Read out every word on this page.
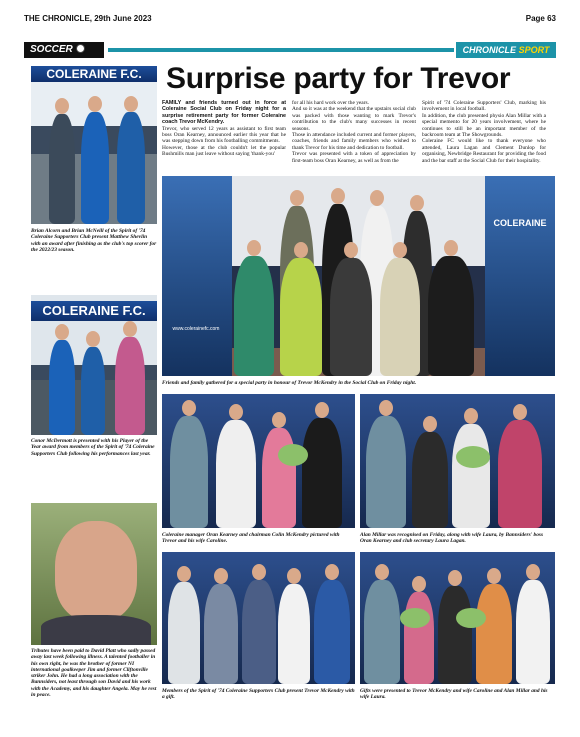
THE CHRONICLE, 29th June 2023	Page 63
SOCCER	CHRONICLE SPORT
COLERAINE F.C.
Brian Alcorn and Brian McNeill of the Spirit of '74 Coleraine Supporters Club present Matthew Shevlin with an award after finishing as the club's top scorer for the 2022/23 season.
COLERAINE F.C.
Conor McDermott is presented with his Player of the Year award from members of the Spirit of '74 Coleraine Supporters Club following his performances last year.
Tributes have been paid to David Platt who sadly passed away last week following illness. A talented footballer in his own right, he was the brother of former NI international goalkeeper Jim and former Cliftonville striker John. He had a long association with the Bannsiders, not least through son David and his work with the Academy, and his daughter Angela. May he rest in peace.
Surprise party for Trevor

FAMILY and friends turned out in force at Coleraine Social Club on Friday night for a surprise retirement party for former Coleraine coach Trevor McKendry.

Trevor, who served 12 years as assistant to first team boss Oran Kearney, announced earlier this year that he was stepping down from his footballing commitments.

However, those at the club couldn't let the popular Bushmills man just leave without saying 'thank-you'

for all his hard work over the years.

And so it was at the weekend that the upstairs social club was packed with those wanting to mark Trevor's contribution to the club's many successes in recent seasons.

Those in attendance included current and former players, coaches, friends and family members who wished to thank Trevor for his time and dedication to football.

Trevor was presented with a token of appreciation by first-team boss Oran Kearney, as well as from the

Spirit of '74 Coleraine Supporters' Club, marking his involvement in local football.

In addition, the club presented physio Alan Millar with a special memento for 20 years involvement, where he continues to still be an important member of the backroom team at The Showgrounds.

Coleraine FC would like to thank everyone who attended, Laura Lagan and Clement Dunlop for organising, Newbridge Restaurant for providing the food and the bar staff at the Social Club for their hospitality.

COLERAINE
www.colerainefc.com
Friends and family gathered for a special party in honour of Trevor McKendry in the Social Club on Friday night.
Coleraine manager Oran Kearney and chairman Colin McKendry pictured with Trevor and his wife Caroline.
Alan Millar was recognised on Friday, along with wife Laura, by Bannsiders' boss Oran Kearney and club secretary Laura Lagan.
Members of the Spirit of '74 Coleraine Supporters Club present Trevor McKendry with a gift.
Gifts were presented to Trevor McKendry and wife Caroline and Alan Millar and his wife Laura.
